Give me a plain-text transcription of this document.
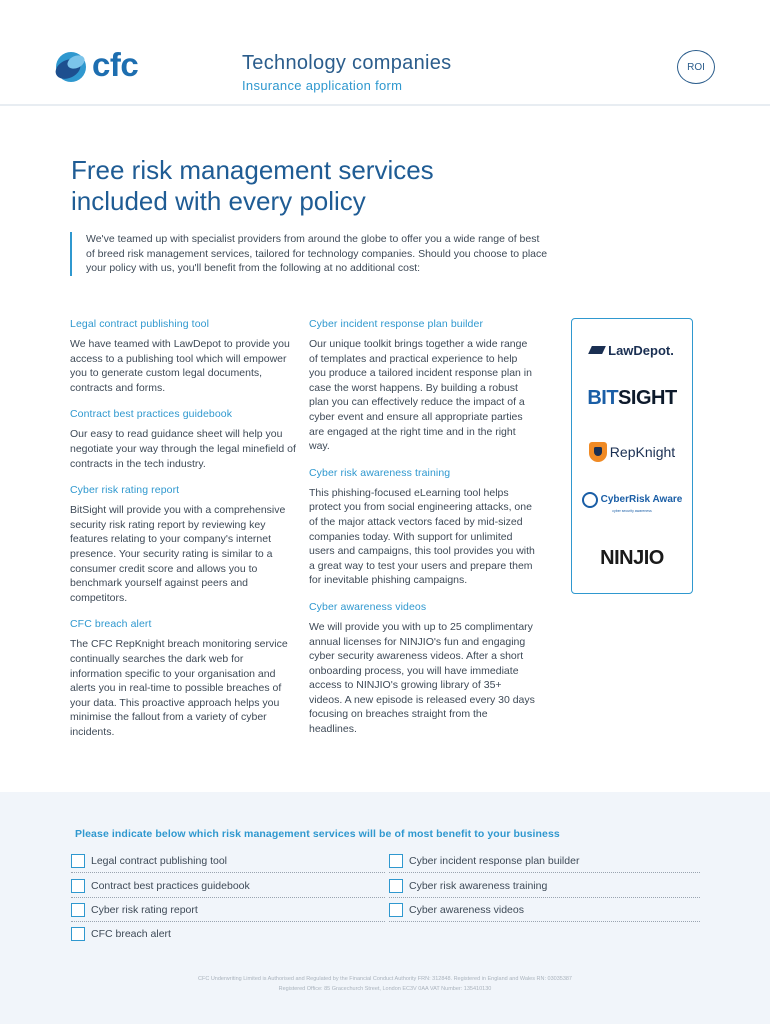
cfc	Technology companies
Insurance application form
ROI
Free risk management services
included with every policy
We've teamed up with specialist providers from around the globe to offer you a wide range of best of breed risk management services, tailored for technology companies. Should you choose to place your policy with us, you'll benefit from the following at no additional cost:
Legal contract publishing tool
We have teamed with LawDepot to provide you access to a publishing tool which will empower you to generate custom legal documents, contracts and forms.
Contract best practices guidebook
Our easy to read guidance sheet will help you negotiate your way through the legal minefield of contracts in the tech industry.
Cyber risk rating report
BitSight will provide you with a comprehensive security risk rating report by reviewing key features relating to your company's internet presence. Your security rating is similar to a consumer credit score and allows you to benchmark yourself against peers and competitors.
CFC breach alert
The CFC RepKnight breach monitoring service continually searches the dark web for information specific to your organisation and alerts you in real-time to possible breaches of your data. This proactive approach helps you minimise the fallout from a variety of cyber incidents.
Cyber incident response plan builder
Our unique toolkit brings together a wide range of templates and practical experience to help you produce a tailored incident response plan in case the worst happens. By building a robust plan you can effectively reduce the impact of a cyber event and ensure all appropriate parties are engaged at the right time and in the right way.
Cyber risk awareness training
This phishing-focused eLearning tool helps protect you from social engineering attacks, one of the major attack vectors faced by mid-sized companies today. With support for unlimited users and campaigns, this tool provides you with a great way to test your users and prepare them for inevitable phishing campaigns.
Cyber awareness videos
We will provide you with up to 25 complimentary annual licenses for NINJIO's fun and engaging cyber security awareness videos. After a short onboarding process, you will have immediate access to NINJIO's growing library of 35+ videos. A new episode is released every 30 days focusing on breaches straight from the headlines.
LawDepot.
BIT SIGHT
RepKnight
CyberRisk Aware
cyber security awareness
NINJIO
Please indicate below which risk management services will be of most benefit to your business
Legal contract publishing tool	Cyber incident response plan builder
Contract best practices guidebook	Cyber risk awareness training
Cyber risk rating report	Cyber awareness videos
CFC breach alert
CFC Underwriting Limited is Authorised and Regulated by the Financial Conduct Authority FRN: 312848. Registered in England and Wales RN: 03035387
Registered Office: 85 Gracechurch Street, London EC3V 0AA VAT Number: 135410130
